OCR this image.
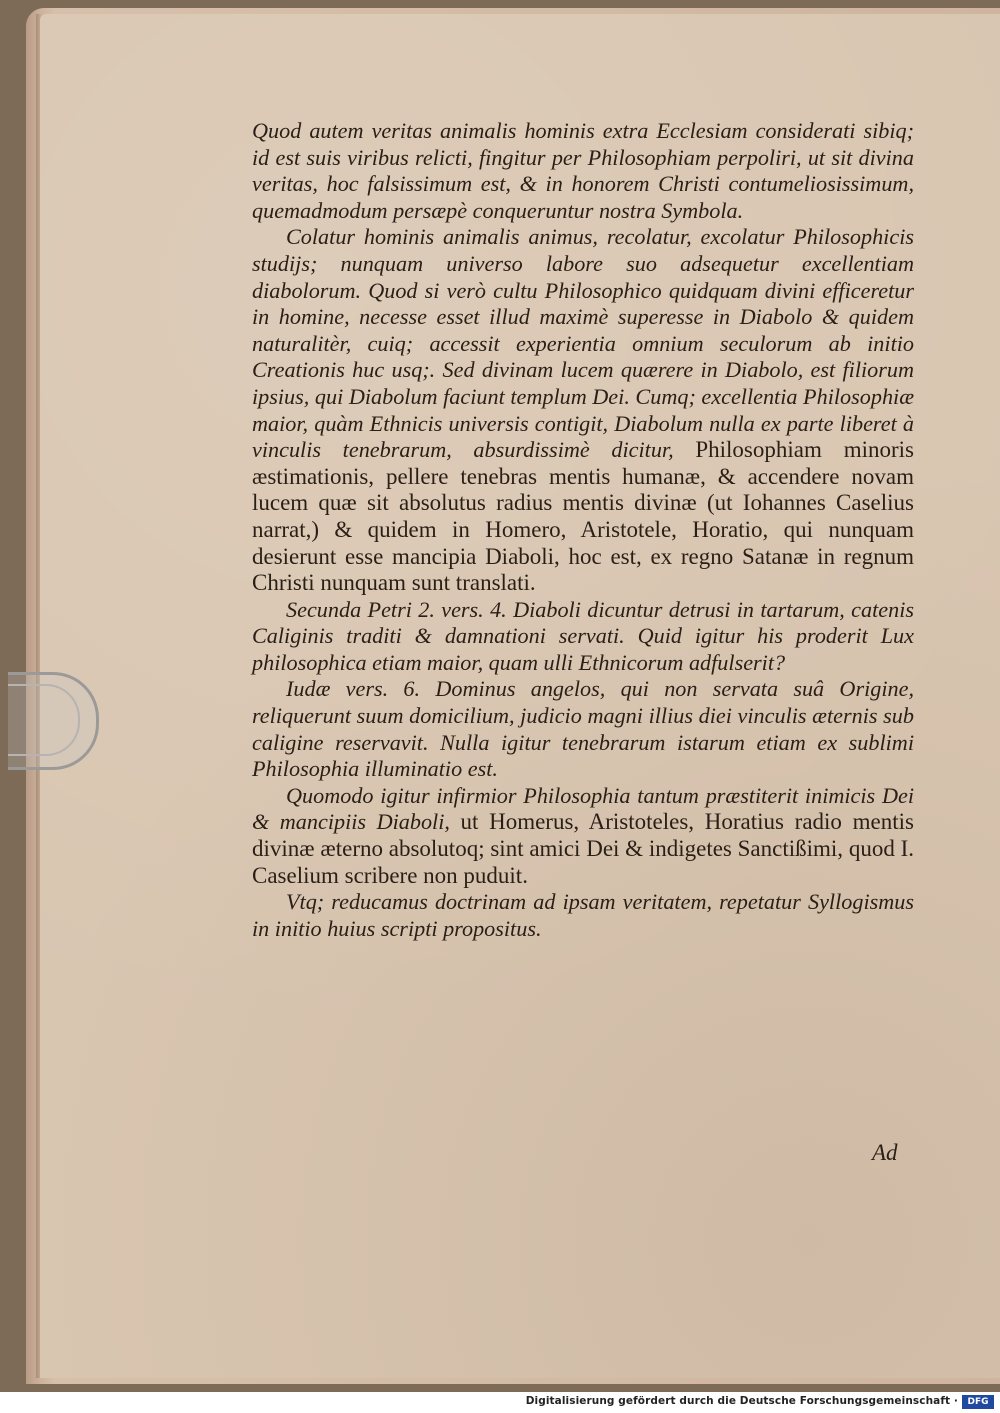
Quod autem veritas animalis hominis extra Ecclesiam considerati sibiq; id est suis viribus relicti, fingitur per Philosophiam perpoliri, ut sit divina veritas, hoc falsissimum est, & in honorem Christi contumeliosissimum, quemadmodum persæpè conqueruntur nostra Symbola.

Colatur hominis animalis animus, recolatur, excolatur Philosophicis studijs; nunquam universo labore suo adsequetur excellentiam diabolorum. Quod si verò cultu Philosophico quidquam divini efficeretur in homine, necesse esset illud maximè superesse in Diabolo & quidem naturalitèr, cuiq; accessit experientia omnium seculorum ab initio Creationis huc usq;. Sed divinam lucem quærere in Diabolo, est filiorum ipsius, qui Diabolum faciunt templum Dei. Cumq; excellentia Philosophiæ maior, quàm Ethnicis universis contigit, Diabolum nulla ex parte liberet à vinculis tenebrarum, absurdissimè dicitur, Philosophiam minoris æstimationis, pellere tenebras mentis humanæ, & accendere novam lucem quæ sit absolutus radius mentis divinæ (ut Iohannes Caselius narrat,) & quidem in Homero, Aristotele, Horatio, qui nunquam desierunt esse mancipia Diaboli, hoc est, ex regno Satanæ in regnum Christi nunquam sunt translati.

Secunda Petri 2. vers. 4. Diaboli dicuntur detrusi in tartarum, catenis Caliginis traditi & damnationi servati. Quid igitur his proderit Lux philosophica etiam maior, quam ulli Ethnicorum adfulserit?

Iudæ vers. 6. Dominus angelos, qui non servata suâ Origine, reliquerunt suum domicilium, judicio magni illius diei vinculis æternis sub caligine reservavit. Nulla igitur tenebrarum istarum etiam ex sublimi Philosophia illuminatio est.

Quomodo igitur infirmior Philosophia tantum præstiterit inimicis Dei & mancipiis Diaboli, ut Homerus, Aristoteles, Horatius radio mentis divinæ æterno absolutoq; sint amici Dei & indigetes Sanctißimi, quod I. Caselium scribere non puduit.

Vtq; reducamus doctrinam ad ipsam veritatem, repetatur Syllogismus in initio huius scripti propositus.

Ad
Digitalisierung gefördert durch die Deutsche Forschungsgemeinschaft ·	DFG
